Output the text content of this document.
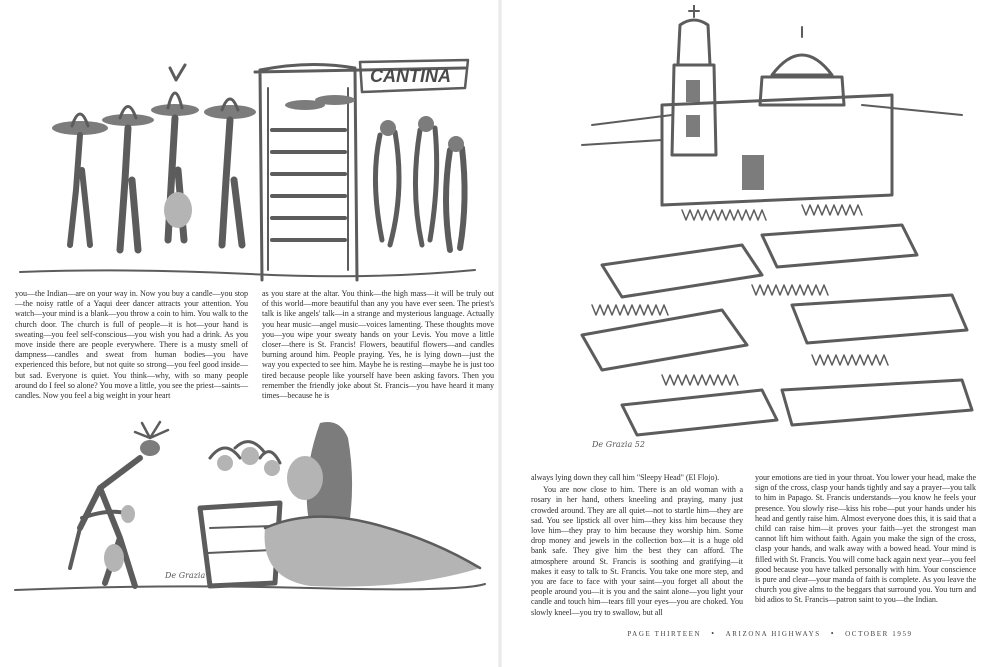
CANTINA
De Grazia
De Grazia 52

you—the Indian—are on your way in. Now you buy a candle—you stop—the noisy rattle of a Yaqui deer dancer attracts your attention. You watch—your mind is a blank—you throw a coin to him. You walk to the church door. The church is full of people—it is hot—your hand is sweating—you feel self-conscious—you wish you had a drink. As you move inside there are people everywhere. There is a musty smell of dampness—candles and sweat from human bodies—you have experienced this before, but not quite so strong—you feel good inside—but sad. Everyone is quiet. You think—why, with so many people around do I feel so alone? You move a little, you see the priest—saints—candles. Now you feel a big weight in your heart

as you stare at the altar. You think—the high mass—it will be truly out of this world—more beautiful than any you have ever seen. The priest's talk is like angels' talk—in a strange and mysterious language. Actually you hear music—angel music—voices lamenting. These thoughts move you—you wipe your sweaty hands on your Levis. You move a little closer—there is St. Francis! Flowers, beautiful flowers—and candles burning around him. People praying. Yes, he is lying down—just the way you expected to see him. Maybe he is resting—maybe he is just too tired because people like yourself have been asking favors. Then you remember the friendly joke about St. Francis—you have heard it many times—because he is

always lying down they call him "Sleepy Head" (El Flojo).

You are now close to him. There is an old woman with a rosary in her hand, others kneeling and praying, many just crowded around. They are all quiet—not to startle him—they are sad. You see lipstick all over him—they kiss him because they love him—they pray to him because they worship him. Some drop money and jewels in the collection box—it is a huge old bank safe. They give him the best they can afford. The atmosphere around St. Francis is soothing and gratifying—it makes it easy to talk to St. Francis. You take one more step, and you are face to face with your saint—you forget all about the people around you—it is you and the saint alone—you light your candle and touch him—tears fill your eyes—you are choked. You slowly kneel—you try to swallow, but all

your emotions are tied in your throat. You lower your head, make the sign of the cross, clasp your hands tightly and say a prayer—you talk to him in Papago. St. Francis understands—you know he feels your presence. You slowly rise—kiss his robe—put your hands under his head and gently raise him. Almost everyone does this, it is said that a child can raise him—it proves your faith—yet the strongest man cannot lift him without faith. Again you make the sign of the cross, clasp your hands, and walk away with a bowed head. Your mind is filled with St. Francis. You will come back again next year—you feel good because you have talked personally with him. Your conscience is pure and clear—your manda of faith is complete. As you leave the church you give alms to the beggars that surround you. You turn and bid adios to St. Francis—patron saint to you—the Indian.

PAGE THIRTEEN • ARIZONA HIGHWAYS • OCTOBER 1959
